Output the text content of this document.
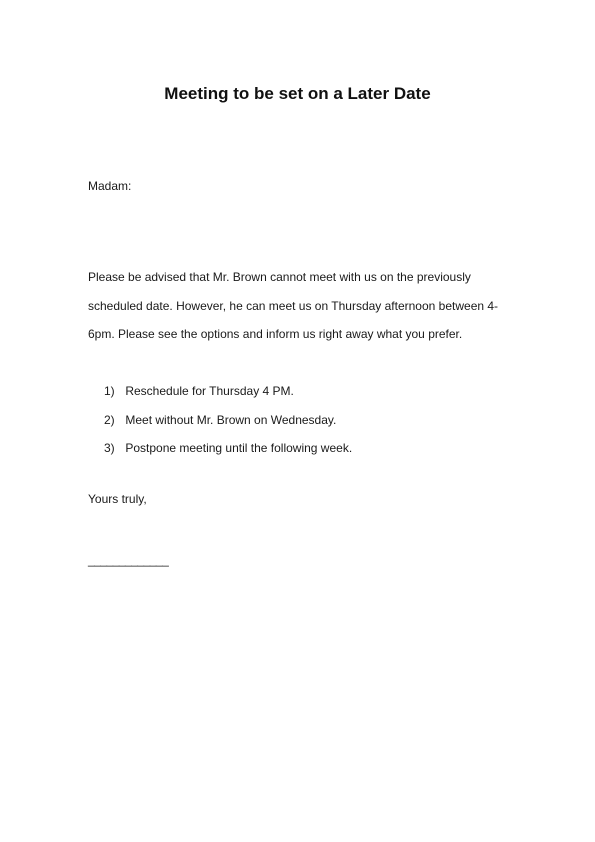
Meeting to be set on a Later Date

Madam:

Please be advised that Mr. Brown cannot meet with us on the previously
scheduled date. However, he can meet us on Thursday afternoon between 4-
6pm. Please see the options and inform us right away what you prefer.

1) Reschedule for Thursday 4 PM.
2) Meet without Mr. Brown on Wednesday.
3) Postpone meeting until the following week.

Yours truly,

_____________
